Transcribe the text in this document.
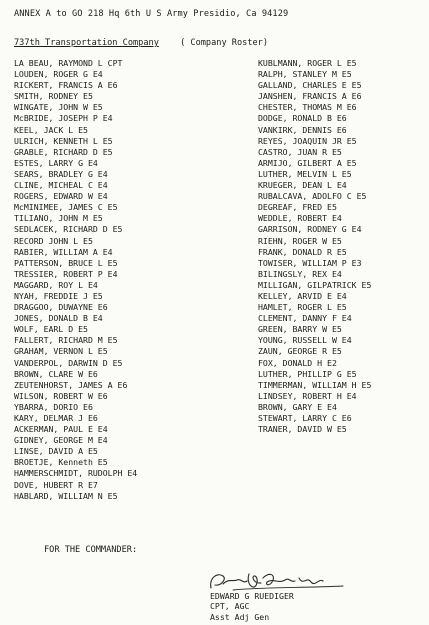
ANNEX A to GO 218 Hq 6th U S Army Presidio, Ca 94129
737th Transportation Company ( Company Roster)
LA BEAU, RAYMOND L CPT
LOUDEN, ROGER G E4
RICKERT, FRANCIS A E6
SMITH, RODNEY E5
WINGATE, JOHN W E5
McBRIDE, JOSEPH P E4
KEEL, JACK L E5
ULRICH, KENNETH L E5
GRABLE, RICHARD D E5
ESTES, LARRY G E4
SEARS, BRADLEY G E4
CLINE, MICHEAL C E4
ROGERS, EDWARD W E4
McMINIMEE, JAMES C E5
TILIANO, JOHN M E5
SEDLACEK, RICHARD D E5
RECORD JOHN L E5
RABIER, WILLIAM A E4
PATTERSON, BRUCE L E5
TRESSIER, ROBERT P E4
MAGGARD, ROY L E4
NYAH, FREDDIE J E5
DRAGGOO, DUWAYNE E6
JONES, DONALD B E4
WOLF, EARL D E5
FALLERT, RICHARD M E5
GRAHAM, VERNON L E5
VANDERPOL, DARWIN D E5
BROWN, CLARE W E6
ZEUTENHORST, JAMES A E6
WILSON, ROBERT W E6
YBARRA, DORIO E6
KARY, DELMAR J E6
ACKERMAN, PAUL E E4
GIDNEY, GEORGE M E4
LINSE, DAVID A E5
BROETJE, Kenneth E5
HAMMERSCHMIDT, RUDOLPH E4
DOVE, HUBERT R E7
HABLARD, WILLIAM N E5
KUBLMANN, ROGER L E5
RALPH, STANLEY M E5
GALLAND, CHARLES E E5
JANSHEN, FRANCIS A E6
CHESTER, THOMAS M E6
DODGE, RONALD B E6
VANKIRK, DENNIS E6
REYES, JOAQUIN JR E5
CASTRO, JUAN R E5
ARMIJO, GILBERT A E5
LUTHER, MELVIN L E5
KRUEGER, DEAN L E4
RUBALCAVA, ADOLFO C E5
DEGREAF, FRED E5
WEDDLE, ROBERT E4
GARRISON, RODNEY G E4
RIEHN, ROGER W E5
FRANK, DONALD R E5
TOWISER, WILLIAM P E3
BILINGSLY, REX E4
MILLIGAN, GILPATRICK E5
KELLEY, ARVID E E4
HAMLET, ROGER L E5
CLEMENT, DANNY F E4
GREEN, BARRY W E5
YOUNG, RUSSELL W E4
ZAUN, GEORGE R E5
FOX, DONALD H E2
LUTHER, PHILLIP G E5
TIMMERMAN, WILLIAM H E5
LINDSEY, ROBERT H E4
BROWN, GARY E E4
STEWART, LARRY C E6
TRANER, DAVID W E5
FOR THE COMMANDER:
EDWARD G RUEDIGER
CPT, AGC
Asst Adj Gen
